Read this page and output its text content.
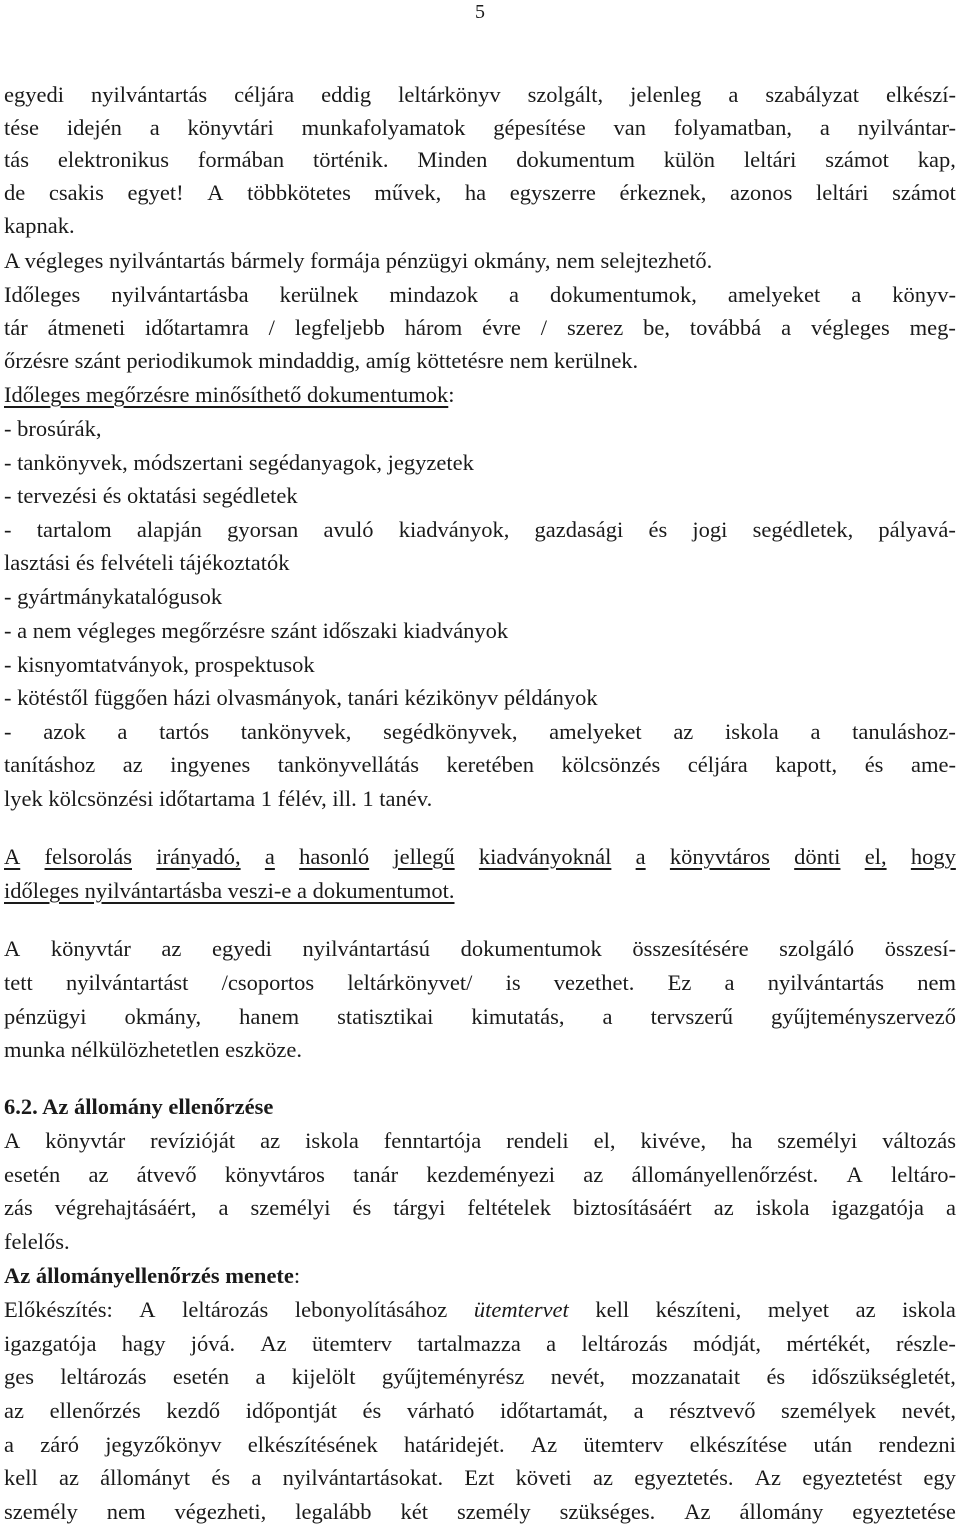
5
egyedi nyilvántartás céljára eddig leltárkönyv szolgált, jelenleg a szabályzat elkészí-
tése idején a könyvtári munkafolyamatok gépesítése van folyamatban, a nyilvántar-
tás elektronikus formában történik. Minden dokumentum külön leltári számot kap,
de csakis egyet! A többkötetes művek, ha egyszerre érkeznek, azonos leltári számot
kapnak.
A végleges nyilvántartás bármely formája pénzügyi okmány, nem selejtezhető.
Időleges nyilvántartásba kerülnek mindazok a dokumentumok, amelyeket a könyv-
tár átmeneti időtartamra / legfeljebb három évre / szerez be, továbbá a végleges meg-
őrzésre szánt periodikumok mindaddig, amíg köttetésre nem kerülnek.
Időleges megőrzésre minősíthető dokumentumok:
- brosúrák,
- tankönyvek, módszertani segédanyagok, jegyzetek
- tervezési és oktatási segédletek
- tartalom alapján gyorsan avuló kiadványok, gazdasági és jogi segédletek, pályavá-
lasztási és felvételi tájékoztatók
- gyártmánykatalógusok
- a nem végleges megőrzésre szánt időszaki kiadványok
- kisnyomtatványok, prospektusok
- kötéstől függően házi olvasmányok, tanári kézikönyv példányok
- azok a tartós tankönyvek, segédkönyvek, amelyeket az iskola a tanuláshoz-
tanításhoz az ingyenes tankönyvellátás keretében kölcsönzés céljára kapott, és ame-
lyek kölcsönzési időtartama 1 félév, ill. 1 tanév.
A felsorolás irányadó, a hasonló jellegű kiadványoknál a könyvtáros dönti el, hogy
időleges nyilvántartásba veszi-e a dokumentumot.
A könyvtár az egyedi nyilvántartású dokumentumok összesítésére szolgáló összesí-
tett nyilvántartást /csoportos leltárkönyvet/ is vezethet. Ez a nyilvántartás nem
pénzügyi okmány, hanem statisztikai kimutatás, a tervszerű gyűjteményszervező
munka nélkülözhetetlen eszköze.
6.2. Az állomány ellenőrzése
A könyvtár revízióját az iskola fenntartója rendeli el, kivéve, ha személyi változás
esetén az átvevő könyvtáros tanár kezdeményezi az állományellenőrzést. A leltáro-
zás végrehajtásáért, a személyi és tárgyi feltételek biztosításáért az iskola igazgatója a
felelős.
Az állományellenőrzés menete:
Előkészítés: A leltározás lebonyolításához ütemtervet kell készíteni, melyet az iskola
igazgatója hagy jóvá. Az ütemterv tartalmazza a leltározás módját, mértékét, részle-
ges leltározás esetén a kijelölt gyűjteményrész nevét, mozzanatait és időszükségletét,
az ellenőrzés kezdő időpontját és várható időtartamát, a résztvevő személyek nevét,
a záró jegyzőkönyv elkészítésének határidejét. Az ütemterv elkészítése után rendezni
kell az állományt és a nyilvántartásokat. Ezt követi az egyeztetés. Az egyeztetést egy
személy nem végezheti, legalább két személy szükséges. Az állomány egyeztetése
